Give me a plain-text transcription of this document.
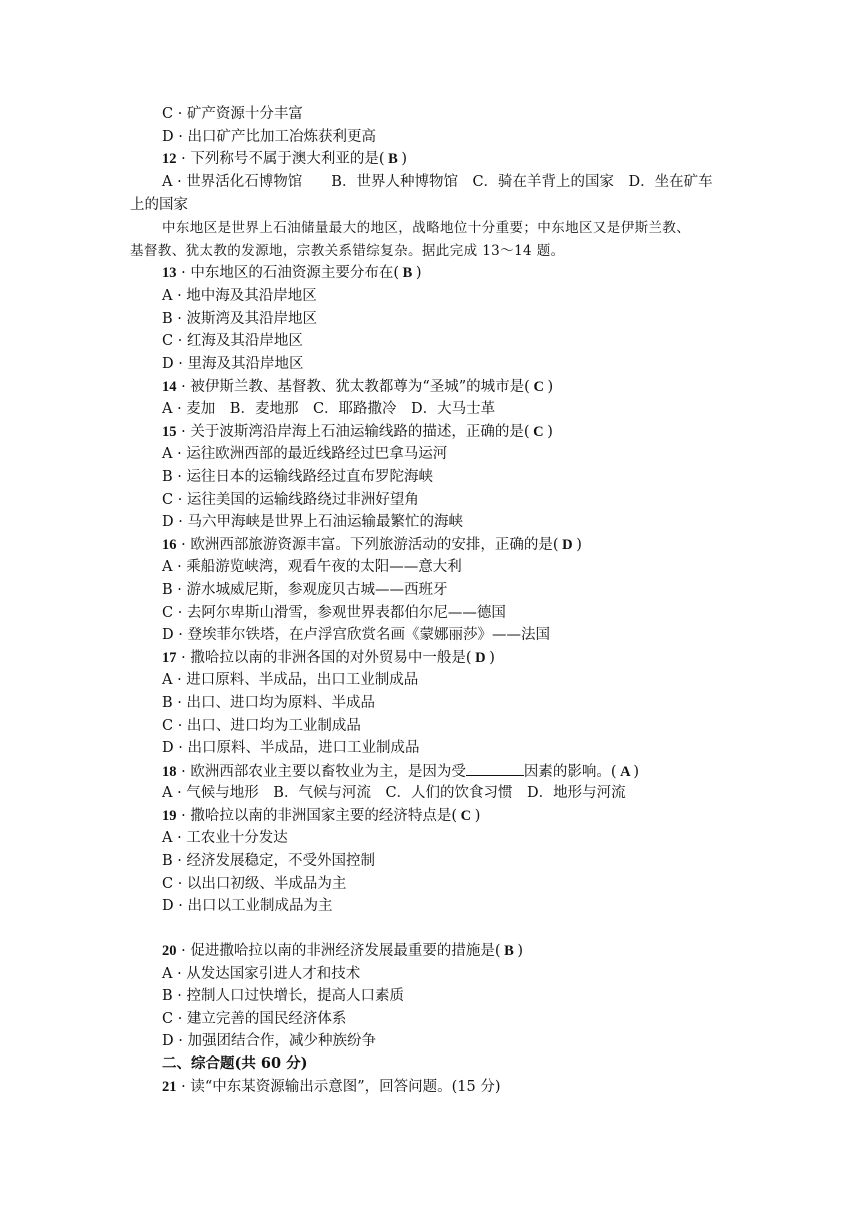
C · 矿产资源十分丰富
D · 出口矿产比加工冶炼获利更高
12 · 下列称号不属于澳大利亚的是( B )
A · 世界活化石博物馆　　B．世界人种博物馆　C．骑在羊背上的国家　D．坐在矿车
上的国家
中东地区是世界上石油储量最大的地区，战略地位十分重要；中东地区又是伊斯兰教、
基督教、犹太教的发源地，宗教关系错综复杂。据此完成 13～14 题。
13 · 中东地区的石油资源主要分布在( B )
A · 地中海及其沿岸地区
B · 波斯湾及其沿岸地区
C · 红海及其沿岸地区
D · 里海及其沿岸地区
14 · 被伊斯兰教、基督教、犹太教都尊为“圣城”的城市是( C )
A · 麦加　B．麦地那　C．耶路撒冷　D．大马士革
15 · 关于波斯湾沿岸海上石油运输线路的描述，正确的是( C )
A · 运往欧洲西部的最近线路经过巴拿马运河
B · 运往日本的运输线路经过直布罗陀海峡
C · 运往美国的运输线路绕过非洲好望角
D · 马六甲海峡是世界上石油运输最繁忙的海峡
16 · 欧洲西部旅游资源丰富。下列旅游活动的安排，正确的是( D )
A · 乘船游览峡湾，观看午夜的太阳——意大利
B · 游水城威尼斯，参观庞贝古城——西班牙
C · 去阿尔卑斯山滑雪，参观世界表都伯尔尼——德国
D · 登埃菲尔铁塔，在卢浮宫欣赏名画《蒙娜丽莎》——法国
17 · 撒哈拉以南的非洲各国的对外贸易中一般是( D )
A · 进口原料、半成品，出口工业制成品
B · 出口、进口均为原料、半成品
C · 出口、进口均为工业制成品
D · 出口原料、半成品，进口工业制成品
18 · 欧洲西部农业主要以畜牧业为主，是因为受	因素的影响。( A )
A · 气候与地形　B．气候与河流　C．人们的饮食习惯　D．地形与河流
19 · 撒哈拉以南的非洲国家主要的经济特点是( C )
A · 工农业十分发达
B · 经济发展稳定，不受外国控制
C · 以出口初级、半成品为主
D · 出口以工业制成品为主
20 · 促进撒哈拉以南的非洲经济发展最重要的措施是( B )
A · 从发达国家引进人才和技术
B · 控制人口过快增长，提高人口素质
C · 建立完善的国民经济体系
D · 加强团结合作，减少种族纷争
二、综合题(共 60 分)
21 · 读“中东某资源输出示意图”，回答问题。(15 分)
